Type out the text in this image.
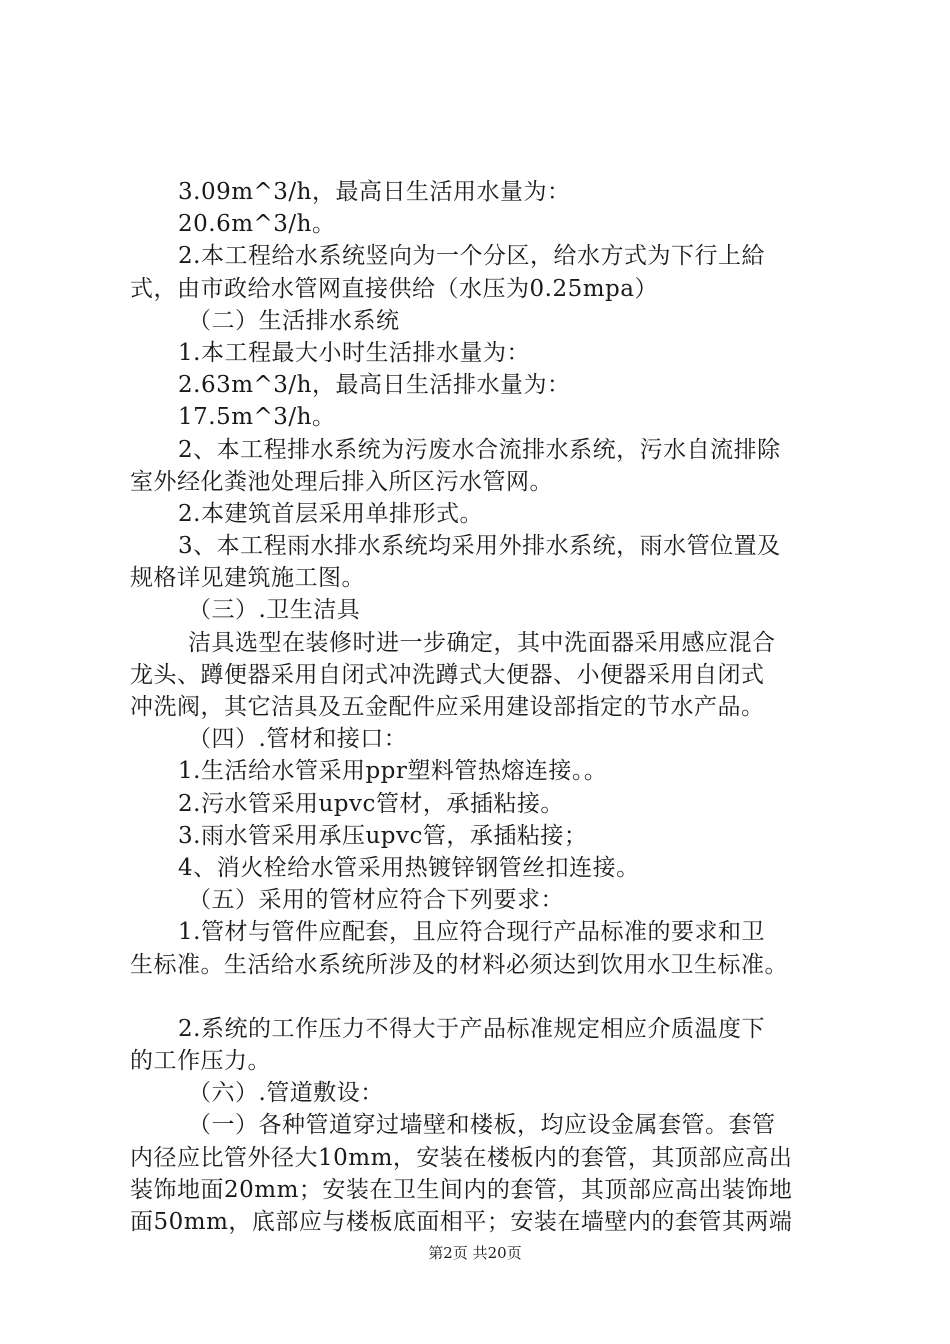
3.09m^3/h，最高日生活用水量为：
20.6m^3/h。
2.本工程给水系统竖向为一个分区，给水方式为下行上給
式，由市政给水管网直接供给（水压为0.25mpa）
（二）生活排水系统
1.本工程最大小时生活排水量为：
2.63m^3/h，最高日生活排水量为：
17.5m^3/h。
2、本工程排水系统为污废水合流排水系统，污水自流排除
室外经化粪池处理后排入所区污水管网。
2.本建筑首层采用单排形式。
3、本工程雨水排水系统均采用外排水系统，雨水管位置及
规格详见建筑施工图。
（三）.卫生洁具
洁具选型在装修时进一步确定，其中洗面器采用感应混合
龙头、蹲便器采用自闭式冲洗蹲式大便器、小便器采用自闭式
冲洗阀，其它洁具及五金配件应采用建设部指定的节水产品。
（四）.管材和接口：
1.生活给水管采用ppr塑料管热熔连接。。
2.污水管采用upvc管材，承插粘接。
3.雨水管采用承压upvc管，承插粘接；
4、消火栓给水管采用热镀锌钢管丝扣连接。
（五）采用的管材应符合下列要求：
1.管材与管件应配套，且应符合现行产品标准的要求和卫
生标准。生活给水系统所涉及的材料必须达到饮用水卫生标准。
2.系统的工作压力不得大于产品标准规定相应介质温度下
的工作压力。
（六）.管道敷设：
（一）各种管道穿过墙壁和楼板，均应设金属套管。套管
内径应比管外径大10mm，安装在楼板内的套管，其顶部应高出
装饰地面20mm；安装在卫生间内的套管，其顶部应高出装饰地
面50mm，底部应与楼板底面相平；安装在墙壁内的套管其两端
第2页 共20页
